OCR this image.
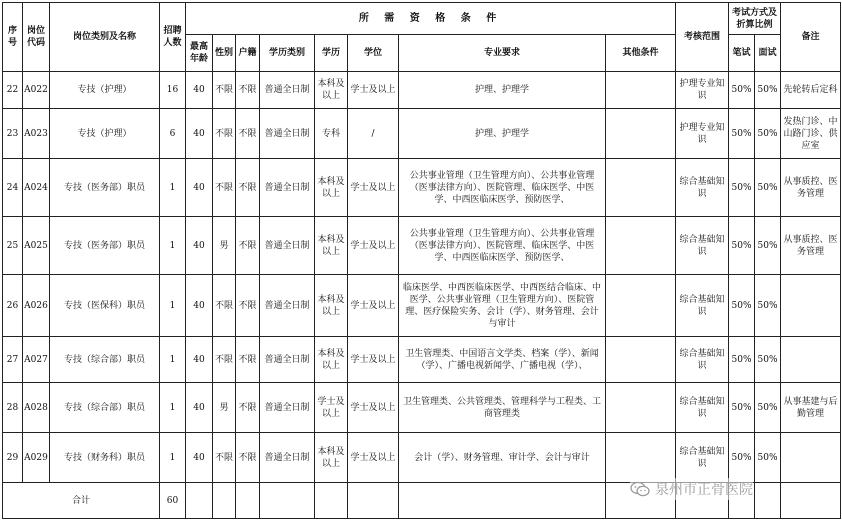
序号	岗位代码	岗位类别及名称	招聘人数	所 需 资 格 条 件								考核范围	考试方式及折算比例		备注
				最高年龄	性别	户籍	学历类别	学历	学位	专业要求	其他条件		笔试	面试	
22	A022	专技（护理）	16	40	不限	不限	普通全日制	本科及以上	学士及以上	护理、护理学		护理专业知识	50%	50%	先轮转后定科
23	A023	专技（护理）	6	40	不限	不限	普通全日制	专科	/	护理、护理学		护理专业知识	50%	50%	发热门诊、中山路门诊、供应室
24	A024	专技（医务部）职员	1	40	不限	不限	普通全日制	本科及以上	学士及以上	公共事业管理（卫生管理方向）、公共事业管理（医事法律方向）、医院管理、临床医学、中医学、中西医临床医学、预防医学、		综合基础知识	50%	50%	从事质控、医务管理
25	A025	专技（医务部）职员	1	40	男	不限	普通全日制	本科及以上	学士及以上	公共事业管理（卫生管理方向）、公共事业管理（医事法律方向）、医院管理、临床医学、中医学、中西医临床医学、预防医学、		综合基础知识	50%	50%	从事质控、医务管理
26	A026	专技（医保科）职员	1	40	不限	不限	普通全日制	本科及以上	学士及以上	临床医学、中西医临床医学、中西医结合临床、中医学、公共事业管理（卫生管理方向）、医院管理、医疗保险实务、会计（学）、财务管理、会计与审计		综合基础知识	50%	50%	
27	A027	专技（综合部）职员	1	40	不限	不限	普通全日制	本科及以上	学士及以上	卫生管理类、中国语言文学类、档案（学）、新闻（学）、广播电视新闻学、广播电视（学）、		综合基础知识	50%	50%	
28	A028	专技（综合部）职员	1	40	男	不限	普通全日制	学士及以上	学士及以上	卫生管理类、公共管理类、管理科学与工程类、工商管理类		综合基础知识	50%	50%	从事基建与后勤管理
29	A029	专技（财务科）职员	1	40	不限	不限	普通全日制	本科及以上	学士及以上	会计（学）、财务管理、审计学、会计与审计		综合基础知识	50%	50%	
合计			60												
泉州市正骨医院
